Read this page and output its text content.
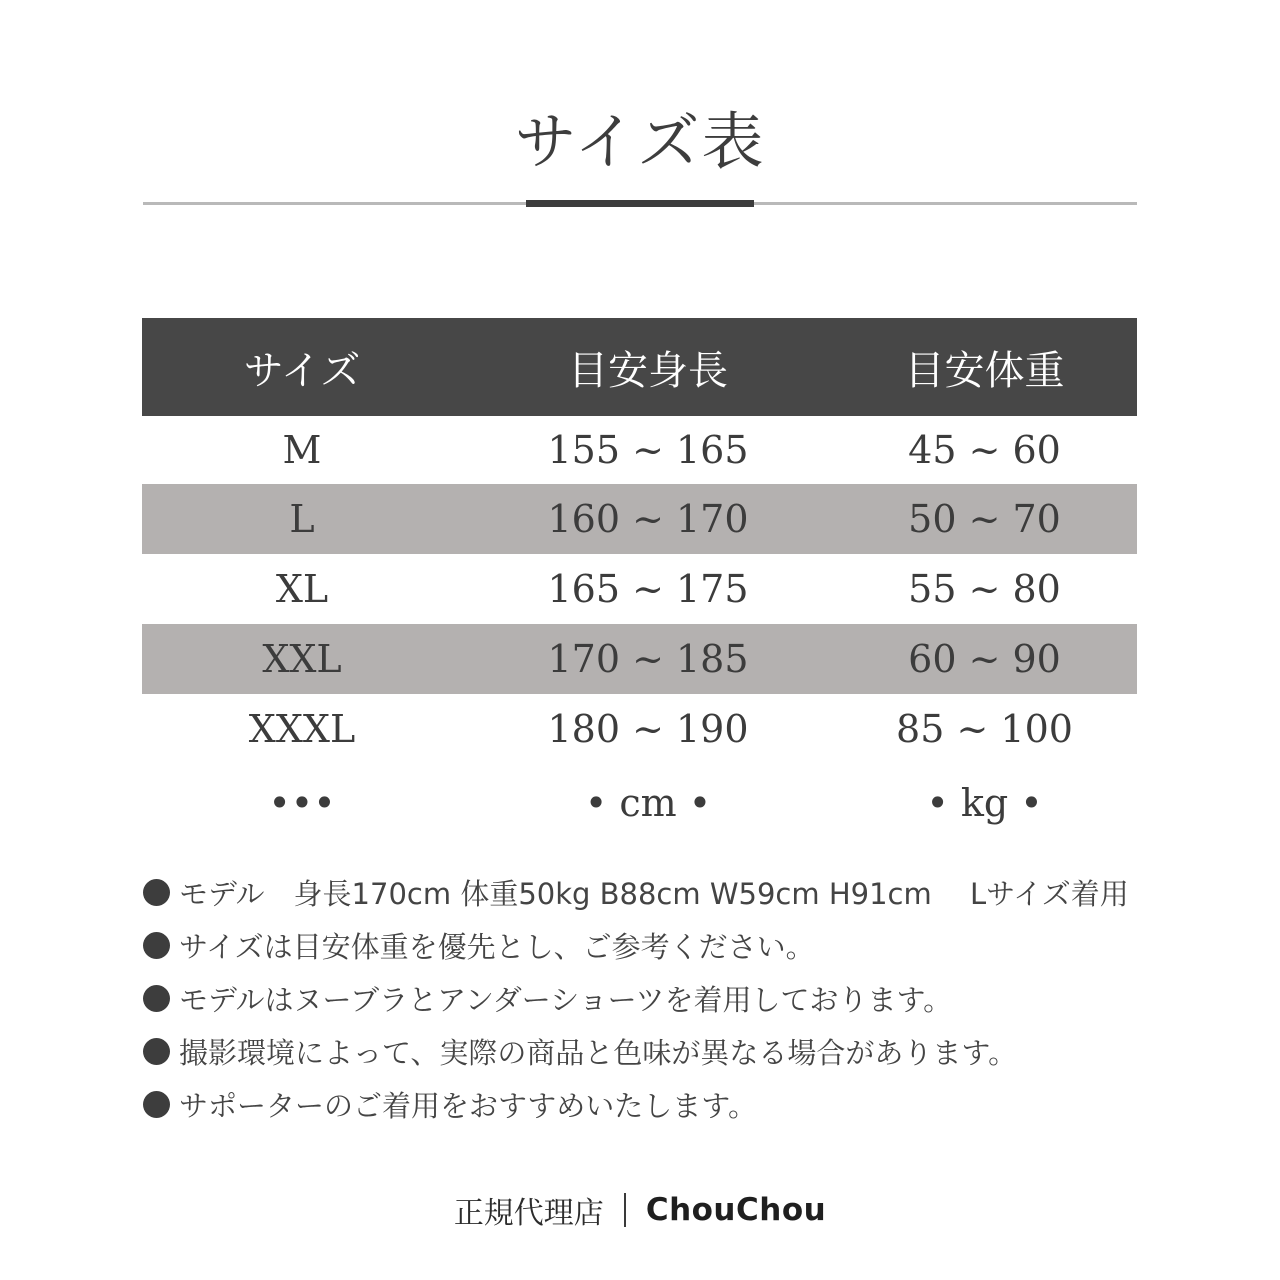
サイズ表
サイズ	目安身長	目安体重
M	155 ~ 165	45 ~ 60
L	160 ~ 170	50 ~ 70
XL	165 ~ 175	55 ~ 80
XXL	170 ~ 185	60 ~ 90
XXXL	180 ~ 190	85 ~ 100
•••	• cm •	• kg •
モデル　身長170cm 体重50kg B88cm W59cm H91cm　 Lサイズ着用
サイズは目安体重を優先とし、ご参考ください。
モデルはヌーブラとアンダーショーツを着用しております。
撮影環境によって、実際の商品と色味が異なる場合があります。
サポーターのご着用をおすすめいたします。
正規代理店 ChouChou
